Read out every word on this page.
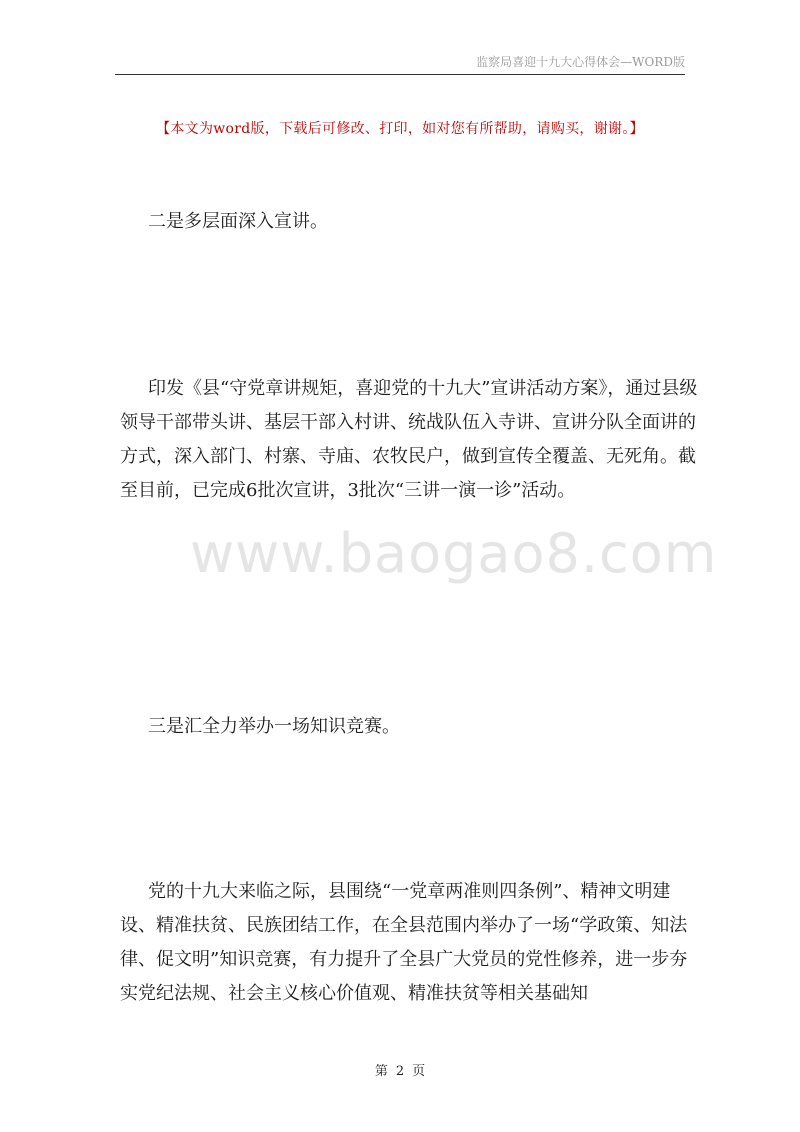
监察局喜迎十九大心得体会—WORD版
【本文为word版，下载后可修改、打印，如对您有所帮助，请购买，谢谢。】

二是多层面深入宣讲。

印发《县“守党章讲规矩，喜迎党的十九大”宣讲活动方案》，通过县级领导干部带头讲、基层干部入村讲、统战队伍入寺讲、宣讲分队全面讲的方式，深入部门、村寨、寺庙、农牧民户，做到宣传全覆盖、无死角。截至目前，已完成6批次宣讲，3批次“三讲一演一诊”活动。

www.baogao8.com

三是汇全力举办一场知识竞赛。

党的十九大来临之际，县围绕“一党章两准则四条例”、精神文明建设、精准扶贫、民族团结工作，在全县范围内举办了一场“学政策、知法律、促文明”知识竞赛，有力提升了全县广大党员的党性修养，进一步夯实党纪法规、社会主义核心价值观、精准扶贫等相关基础知

第 2 页
